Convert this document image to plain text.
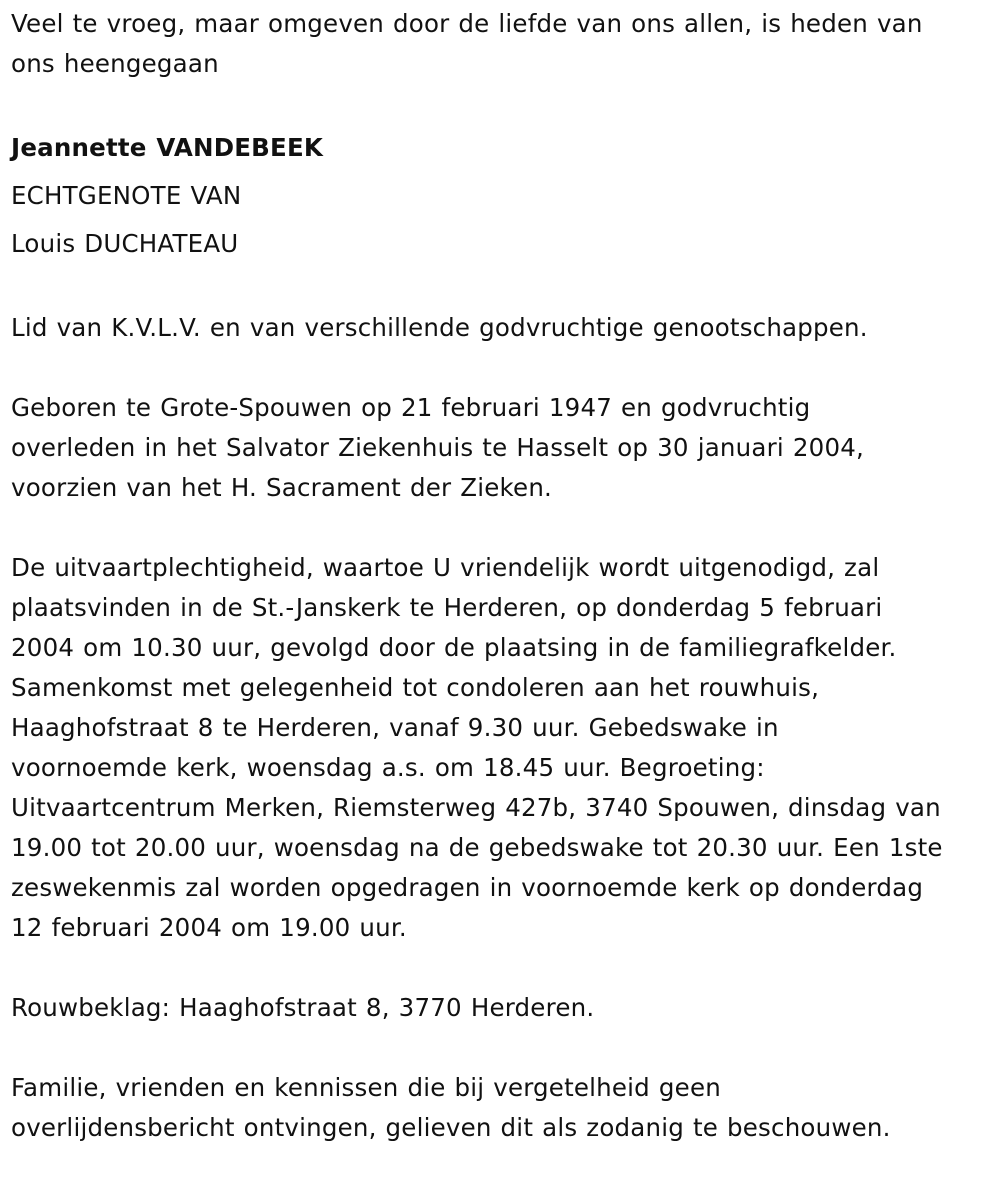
Veel te vroeg, maar omgeven door de liefde van ons allen, is heden van
ons heengegaan

Jeannette VANDEBEEK
ECHTGENOTE VAN
Louis DUCHATEAU

Lid van K.V.L.V. en van verschillende godvruchtige genootschappen.

Geboren te Grote-Spouwen op 21 februari 1947 en godvruchtig
overleden in het Salvator Ziekenhuis te Hasselt op 30 januari 2004,
voorzien van het H. Sacrament der Zieken.

De uitvaartplechtigheid, waartoe U vriendelijk wordt uitgenodigd, zal
plaatsvinden in de St.-Janskerk te Herderen, op donderdag 5 februari
2004 om 10.30 uur, gevolgd door de plaatsing in de familiegrafkelder.
Samenkomst met gelegenheid tot condoleren aan het rouwhuis,
Haaghofstraat 8 te Herderen, vanaf 9.30 uur. Gebedswake in
voornoemde kerk, woensdag a.s. om 18.45 uur. Begroeting:
Uitvaartcentrum Merken, Riemsterweg 427b, 3740 Spouwen, dinsdag van
19.00 tot 20.00 uur, woensdag na de gebedswake tot 20.30 uur. Een 1ste
zeswekenmis zal worden opgedragen in voornoemde kerk op donderdag
12 februari 2004 om 19.00 uur.

Rouwbeklag: Haaghofstraat 8, 3770 Herderen.

Familie, vrienden en kennissen die bij vergetelheid geen
overlijdensbericht ontvingen, gelieven dit als zodanig te beschouwen.
